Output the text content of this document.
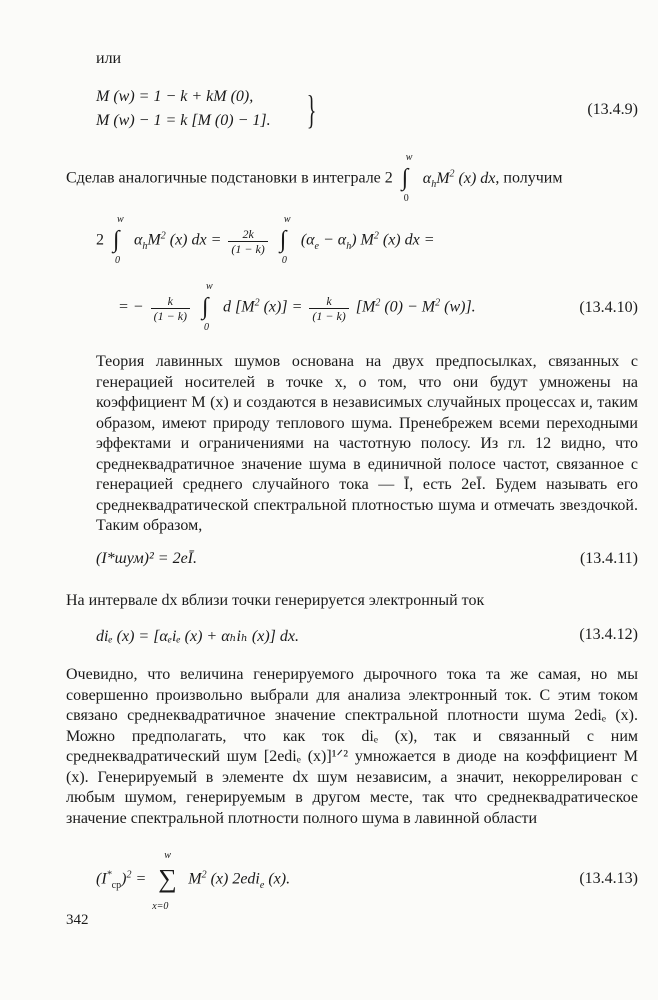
или
M (w) = 1 − k + kM (0),
M (w) − 1 = k [M (0) − 1]. }	(13.4.9)
Сделав аналогичные подстановки в интеграле 2
w
∫
0
$\alpha_hM^2$ (x) dx, получим
2
w
∫
0
$\alpha_hM^2$ (x) dx = $\frac{2k}{(1 - k)}$

w
∫
0
$(\alpha_e - \alpha_h)$ $M^2$ (x) dx =
= − $\frac{k}{(1 - k)}$

w
∫
0
d [$M^2$ $(x)] = \frac{k}{(1 - k)} [M^2$ $(0) - M^2$ (w)].	(13.4.10)
Теория лавинных шумов основана на двух предпосылках, связанных с генерацией носителей в точке x, о том, что они будут умножены на коэффициент M (x) и создаются в независимых случайных процессах и, таким образом, имеют природу теплового шума. Пренебрежем всеми переходными эффектами и ограничениями на частотную полосу. Из гл. 12 видно, что среднеквадратичное значение шума в единичной полосе частот, связанное с генерацией среднего случайного тока — Ī, есть 2eĪ. Будем называть его среднеквадратической спектральной плотностью шума и отмечать звездочкой. Таким образом,
(I*шум)² = 2eĪ.	(13.4.11)
На интервале dx вблизи точки генерируется электронный ток
diₑ (x) = [αₑiₑ (x) + αₕiₕ (x)] dx.	(13.4.12)
Очевидно, что величина генерируемого дырочного тока та же самая, но мы совершенно произвольно выбрали для анализа электронный ток. С этим током связано среднеквадратичное значение спектральной плотности шума 2ediₑ (x). Можно предполагать, что как ток diₑ (x), так и связанный с ним среднеквадратический шум [2ediₑ (x)]¹ᐟ² умножается в диоде на коэффициент M (x). Генерируемый в элементе dx шум независим, а значит, некоррелирован с любым шумом, генерируемым в другом месте, так что среднеквадратическое значение спектральной плотности полного шума в лавинной области
$(I^*_{ср})^2$ =
w
∑
x=0
$M^2$ (x) 2edi$_e$ (x).	(13.4.13)
342
